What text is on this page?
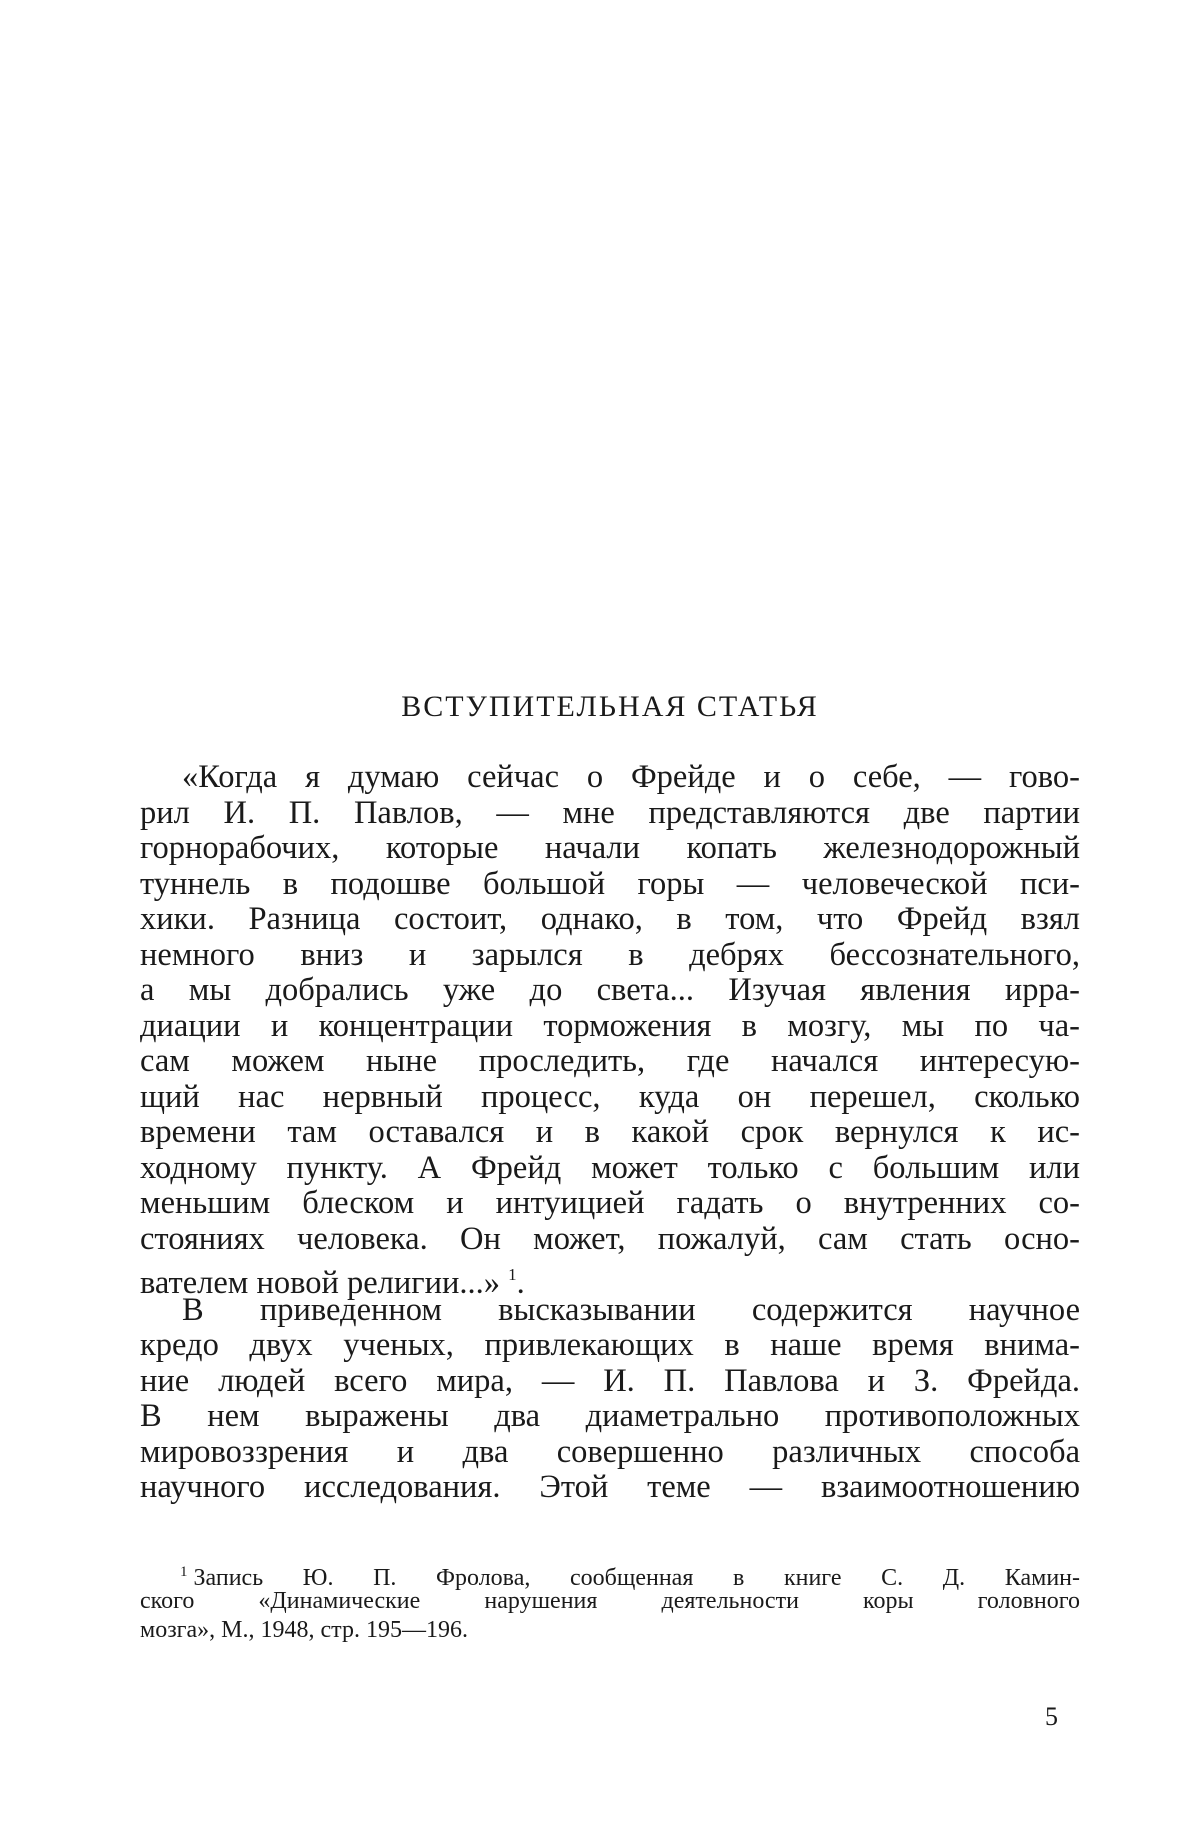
ВСТУПИТЕЛЬНАЯ СТАТЬЯ
«Когда я думаю сейчас о Фрейде и о себе, — гово-
рил И. П. Павлов, — мне представляются две партии
горнорабочих, которые начали копать железнодорожный
туннель в подошве большой горы — человеческой пси-
хики. Разница состоит, однако, в том, что Фрейд взял
немного вниз и зарылся в дебрях бессознательного,
а мы добрались уже до света... Изучая явления ирра-
диации и концентрации торможения в мозгу, мы по ча-
сам можем ныне проследить, где начался интересую-
щий нас нервный процесс, куда он перешел, сколько
времени там оставался и в какой срок вернулся к ис-
ходному пункту. А Фрейд может только с большим или
меньшим блеском и интуицией гадать о внутренних со-
стояниях человека. Он может, пожалуй, сам стать осно-
вателем новой религии...» $^1$.
В приведенном высказывании содержится научное
кредо двух ученых, привлекающих в наше время внима-
ние людей всего мира, — И. П. Павлова и З. Фрейда.
В нем выражены два диаметрально противоположных
мировоззрения и два совершенно различных способа
научного исследования. Этой теме — взаимоотношению
$^1$ Запись Ю. П. Фролова, сообщенная в книге С. Д. Камин-
ского «Динамические нарушения деятельности коры головного
мозга», М., 1948, стр. 195—196.
5
